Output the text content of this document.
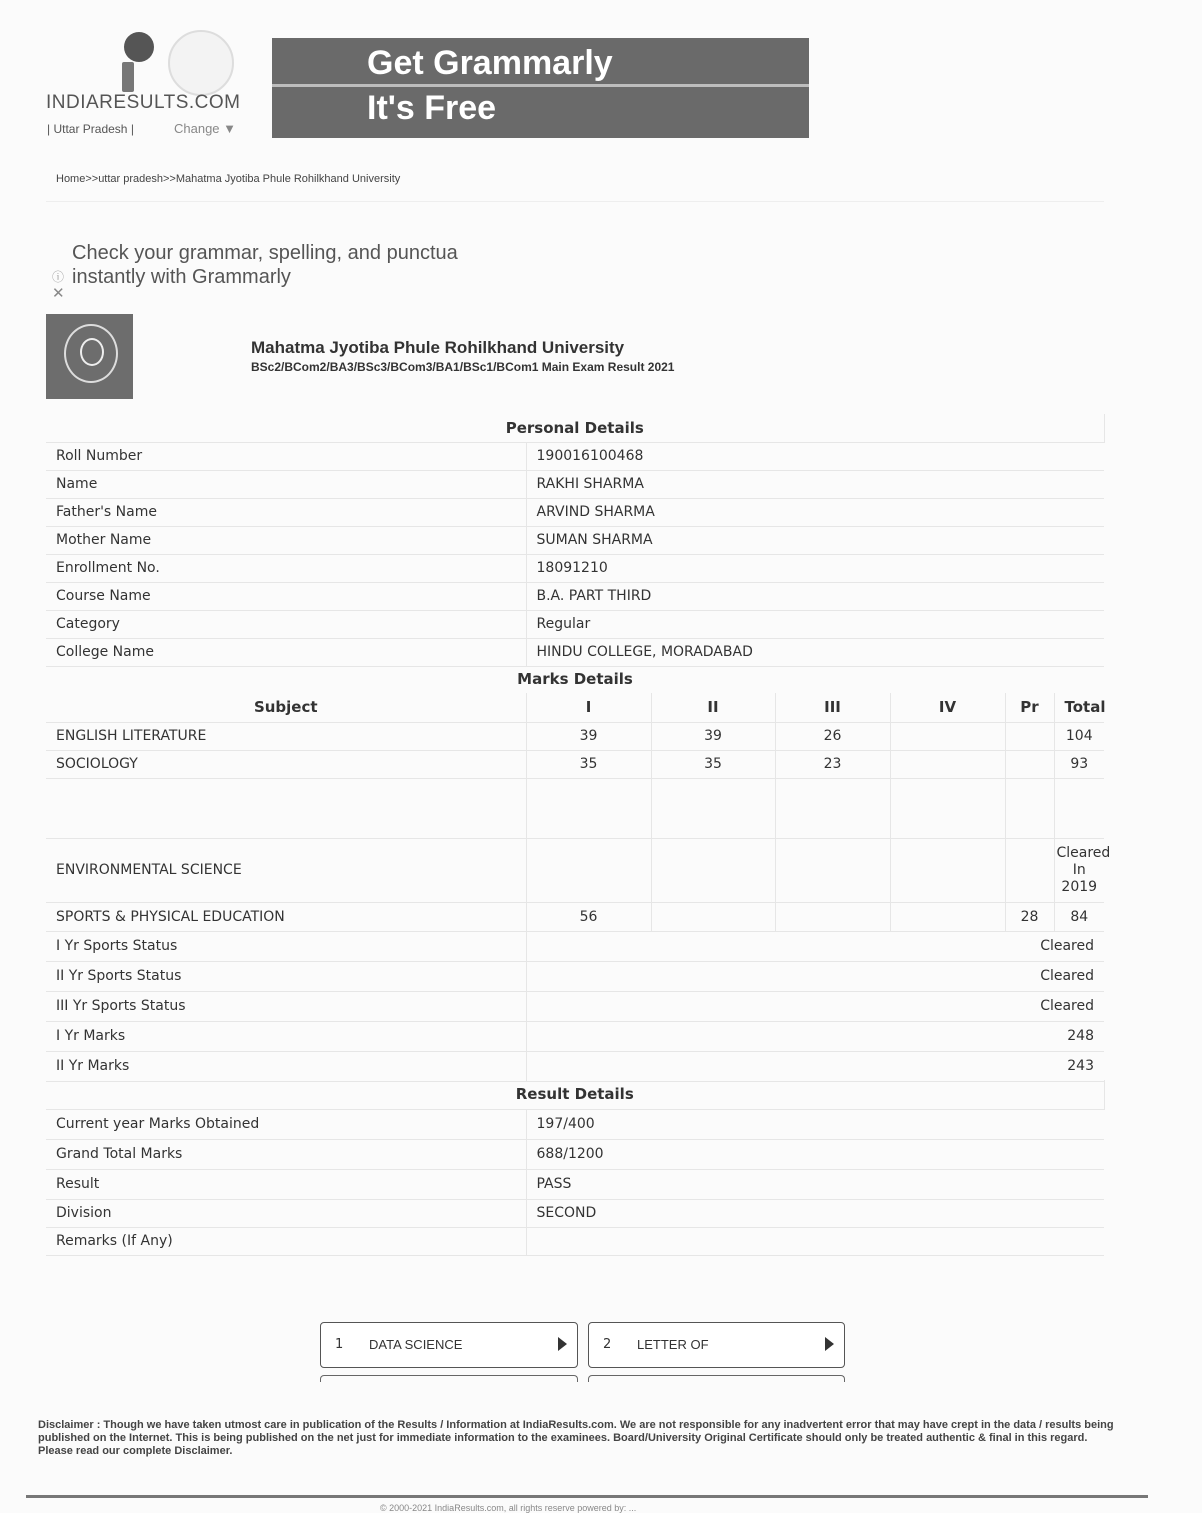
INDIARESULTS.COM
| Uttar Pradesh |	Change ▼
Get Grammarly
It's Free
Home>>uttar pradesh>>Mahatma Jyotiba Phule Rohilkhand University
Check your grammar, spelling, and punctua
instantly with Grammarly
ⓘ
✕
Mahatma Jyotiba Phule Rohilkhand University
BSc2/BCom2/BA3/BSc3/BCom3/BA1/BSc1/BCom1 Main Exam Result 2021
Personal Details	
Roll Number	190016100468
Name	RAKHI SHARMA
Father's Name	ARVIND SHARMA
Mother Name	SUMAN SHARMA
Enrollment No.	18091210
Course Name	B.A. PART THIRD
Category	Regular
College Name	HINDU COLLEGE, MORADABAD
Marks Details
Subject	I	II	III	IV	Pr	Total
ENGLISH LITERATURE	39	39	26			104
SOCIOLOGY	35	35	23			93

ENVIRONMENTAL SCIENCE						Cleared In 2019
SPORTS & PHYSICAL EDUCATION	56				28	84
I Yr Sports Status	Cleared					
II Yr Sports Status	Cleared					
III Yr Sports Status	Cleared					
I Yr Marks	248					
II Yr Marks	243					
Result Details	
Current year Marks Obtained	197/400
Grand Total Marks	688/1200
Result	PASS
Division	SECOND
Remarks (If Any)	
1 DATA SCIENCE	2 LETTER OF
Disclaimer : Though we have taken utmost care in publication of the Results / Information at IndiaResults.com. We are not responsible for any inadvertent error that may have crept in the data / results being published on the Internet. This is being published on the net just for immediate information to the examinees. Board/University Original Certificate should only be treated authentic & final in this regard. Please read our complete Disclaimer.
© 2000-2021 IndiaResults.com, all rights reserve powered by: ...
